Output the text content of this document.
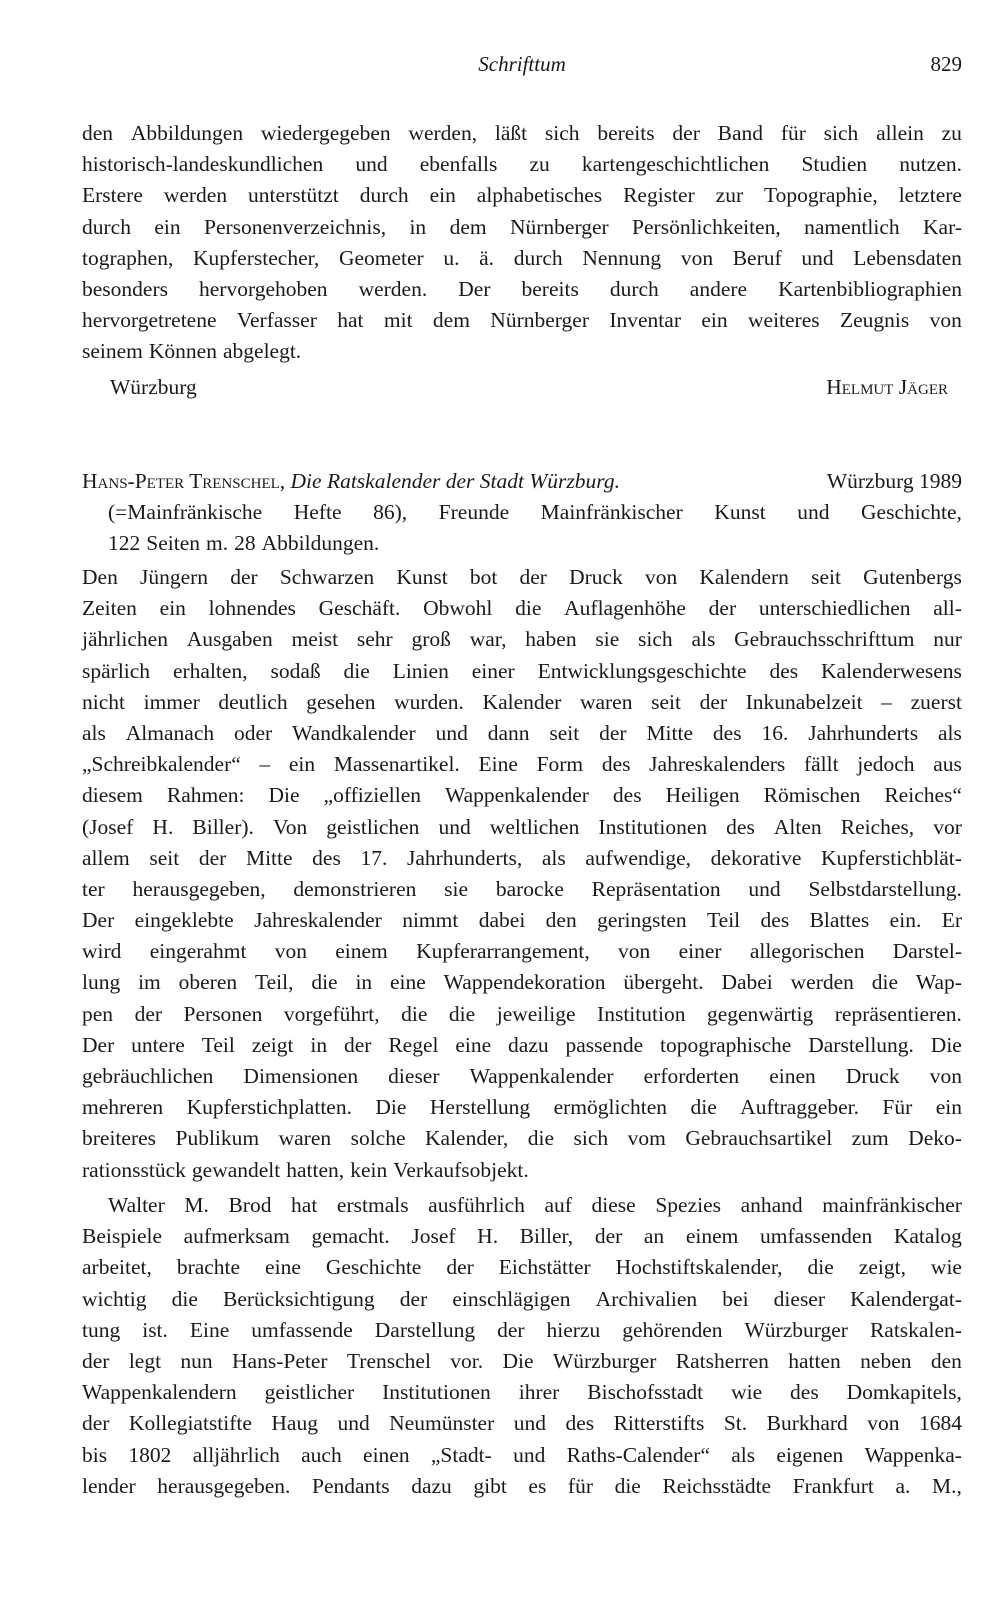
Schrifttum	829
den Abbildungen wiedergegeben werden, läßt sich bereits der Band für sich allein zu
historisch-landeskundlichen und ebenfalls zu kartengeschichtlichen Studien nutzen.
Erstere werden unterstützt durch ein alphabetisches Register zur Topographie, letztere
durch ein Personenverzeichnis, in dem Nürnberger Persönlichkeiten, namentlich Kar-
tographen, Kupferstecher, Geometer u. ä. durch Nennung von Beruf und Lebensdaten
besonders hervorgehoben werden. Der bereits durch andere Kartenbibliographien
hervorgetretene Verfasser hat mit dem Nürnberger Inventar ein weiteres Zeugnis von
seinem Können abgelegt.
Würzburg	Helmut Jäger
Hans-Peter Trenschel, Die Ratskalender der Stadt Würzburg.	Würzburg 1989
(=Mainfränkische Hefte 86), Freunde Mainfränkischer Kunst und Geschichte,
122 Seiten m. 28 Abbildungen.
Den Jüngern der Schwarzen Kunst bot der Druck von Kalendern seit Gutenbergs
Zeiten ein lohnendes Geschäft. Obwohl die Auflagenhöhe der unterschiedlichen all-
jährlichen Ausgaben meist sehr groß war, haben sie sich als Gebrauchsschrifttum nur
spärlich erhalten, sodaß die Linien einer Entwicklungsgeschichte des Kalenderwesens
nicht immer deutlich gesehen wurden. Kalender waren seit der Inkunabelzeit – zuerst
als Almanach oder Wandkalender und dann seit der Mitte des 16. Jahrhunderts als
„Schreibkalender“ – ein Massenartikel. Eine Form des Jahreskalenders fällt jedoch aus
diesem Rahmen: Die „offiziellen Wappenkalender des Heiligen Römischen Reiches“
(Josef H. Biller). Von geistlichen und weltlichen Institutionen des Alten Reiches, vor
allem seit der Mitte des 17. Jahrhunderts, als aufwendige, dekorative Kupferstichblät-
ter herausgegeben, demonstrieren sie barocke Repräsentation und Selbstdarstellung.
Der eingeklebte Jahreskalender nimmt dabei den geringsten Teil des Blattes ein. Er
wird eingerahmt von einem Kupferarrangement, von einer allegorischen Darstel-
lung im oberen Teil, die in eine Wappendekoration übergeht. Dabei werden die Wap-
pen der Personen vorgeführt, die die jeweilige Institution gegenwärtig repräsentieren.
Der untere Teil zeigt in der Regel eine dazu passende topographische Darstellung. Die
gebräuchlichen Dimensionen dieser Wappenkalender erforderten einen Druck von
mehreren Kupferstichplatten. Die Herstellung ermöglichten die Auftraggeber. Für ein
breiteres Publikum waren solche Kalender, die sich vom Gebrauchsartikel zum Deko-
rationsstück gewandelt hatten, kein Verkaufsobjekt.
Walter M. Brod hat erstmals ausführlich auf diese Spezies anhand mainfränkischer
Beispiele aufmerksam gemacht. Josef H. Biller, der an einem umfassenden Katalog
arbeitet, brachte eine Geschichte der Eichstätter Hochstiftskalender, die zeigt, wie
wichtig die Berücksichtigung der einschlägigen Archivalien bei dieser Kalendergat-
tung ist. Eine umfassende Darstellung der hierzu gehörenden Würzburger Ratskalen-
der legt nun Hans-Peter Trenschel vor. Die Würzburger Ratsherren hatten neben den
Wappenkalendern geistlicher Institutionen ihrer Bischofsstadt wie des Domkapitels,
der Kollegiatstifte Haug und Neumünster und des Ritterstifts St. Burkhard von 1684
bis 1802 alljährlich auch einen „Stadt- und Raths-Calender“ als eigenen Wappenka-
lender herausgegeben. Pendants dazu gibt es für die Reichsstädte Frankfurt a. M.,
